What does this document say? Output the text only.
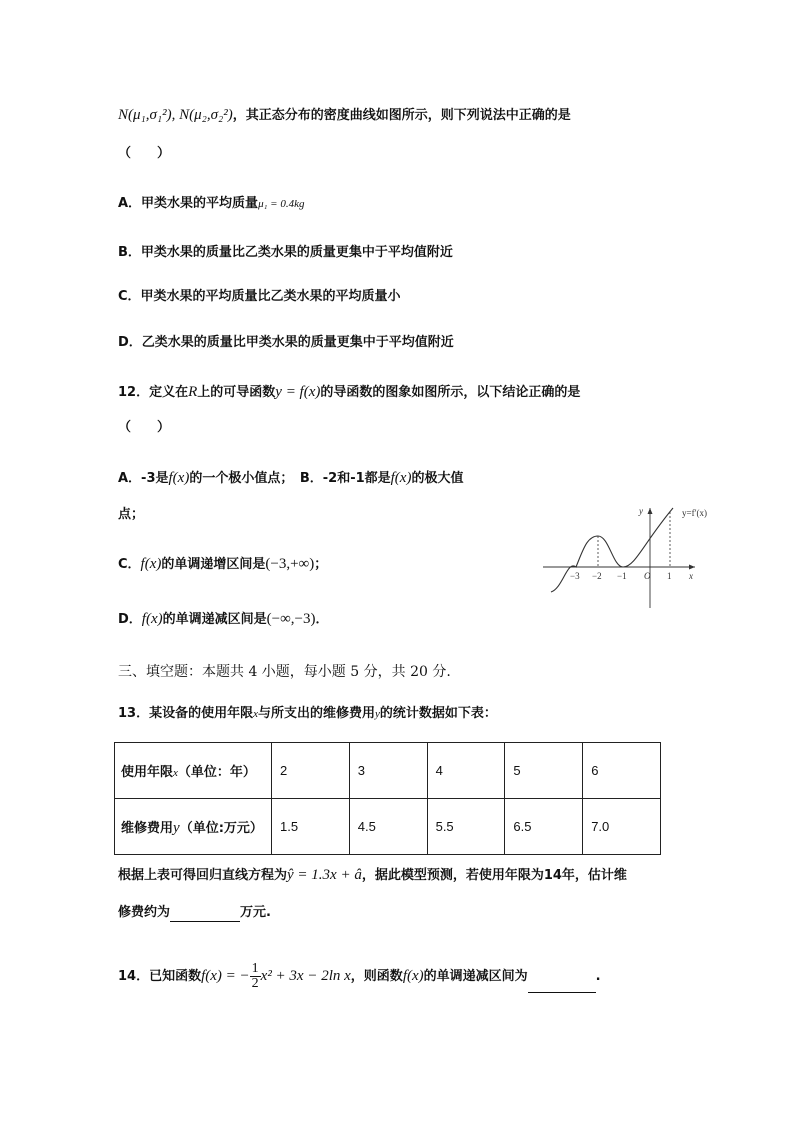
N(μ₁,σ₁²), N(μ₂,σ₂²)，其正态分布的密度曲线如图所示，则下列说法中正确的是
（　　）
A．甲类水果的平均质量μ₁ = 0.4kg
B．甲类水果的质量比乙类水果的质量更集中于平均值附近
C．甲类水果的平均质量比乙类水果的平均质量小
D．乙类水果的质量比甲类水果的质量更集中于平均值附近
12．定义在R上的可导函数y = f(x)的导函数的图象如图所示，以下结论正确的是
（　　）
A．-3是f(x)的一个极小值点；　B．-2和-1都是f(x)的极大值
点；
C．f(x)的单调递增区间是(−3,+∞)；
D．f(x)的单调递减区间是(−∞,−3)．
y
x
y=f′(x)
−3 −2 −1 O 1
三、填空题：本题共 4 小题，每小题 5 分，共 20 分.
13．某设备的使用年限x与所支出的维修费用y的统计数据如下表：
使用年限x（单位：年）	2	3	4	5	6
维修费用y（单位:万元）	1.5	4.5	5.5	6.5	7.0
根据上表可得回归直线方程为ŷ = 1.3x + â，据此模型预测，若使用年限为14年，估计维
修费约为	万元.
14．已知函数f(x) = − $\frac{1}{2} x^2 + 3x - 2\ln$ x，则函数f(x)的单调递减区间为	.
